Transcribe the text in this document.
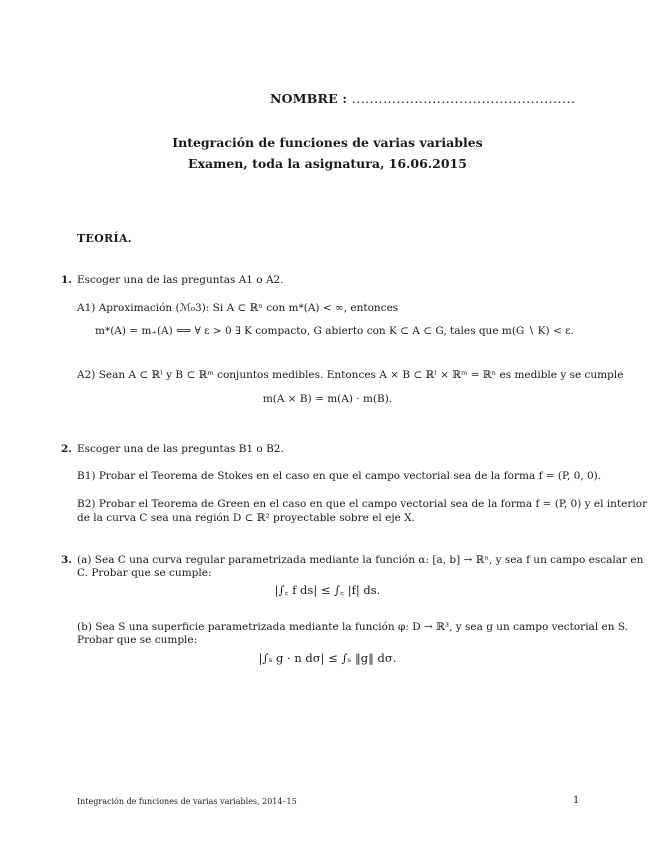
NOMBRE : ..................................................
Integración de funciones de varias variables
Examen, toda la asignatura, 16.06.2015
TEORÍA.
1. Escoger una de las preguntas A1 o A2.
A1) Aproximación (ℳ₀3): Si A ⊂ ℝⁿ con m*(A) < ∞, entonces
m*(A) = m₊(A) ⟺ ∀ ε > 0 ∃ K compacto, G abierto con K ⊂ A ⊂ G, tales que m(G ∖ K) < ε.
A2) Sean A ⊂ ℝˡ y B ⊂ ℝᵐ conjuntos medibles. Entonces A × B ⊂ ℝˡ × ℝᵐ = ℝⁿ es medible y se cumple
m(A × B) = m(A) · m(B).
2. Escoger una de las preguntas B1 o B2.
B1) Probar el Teorema de Stokes en el caso en que el campo vectorial sea de la forma f = (P, 0, 0).
B2) Probar el Teorema de Green en el caso en que el campo vectorial sea de la forma f = (P, 0) y el interior
de la curva C sea una región D ⊂ ℝ² proyectable sobre el eje X.
3. (a) Sea C una curva regular parametrizada mediante la función α: [a, b] → ℝⁿ, y sea f un campo escalar en
C. Probar que se cumple:
|∫꜀ f ds| ≤ ∫꜀ |f| ds.
(b) Sea S una superficie parametrizada mediante la función φ: D → ℝ³, y sea g un campo vectorial en S.
Probar que se cumple:
|∫ₛ g · n dσ| ≤ ∫ₛ ‖g‖ dσ.
Integración de funciones de varias variables, 2014–15	1
